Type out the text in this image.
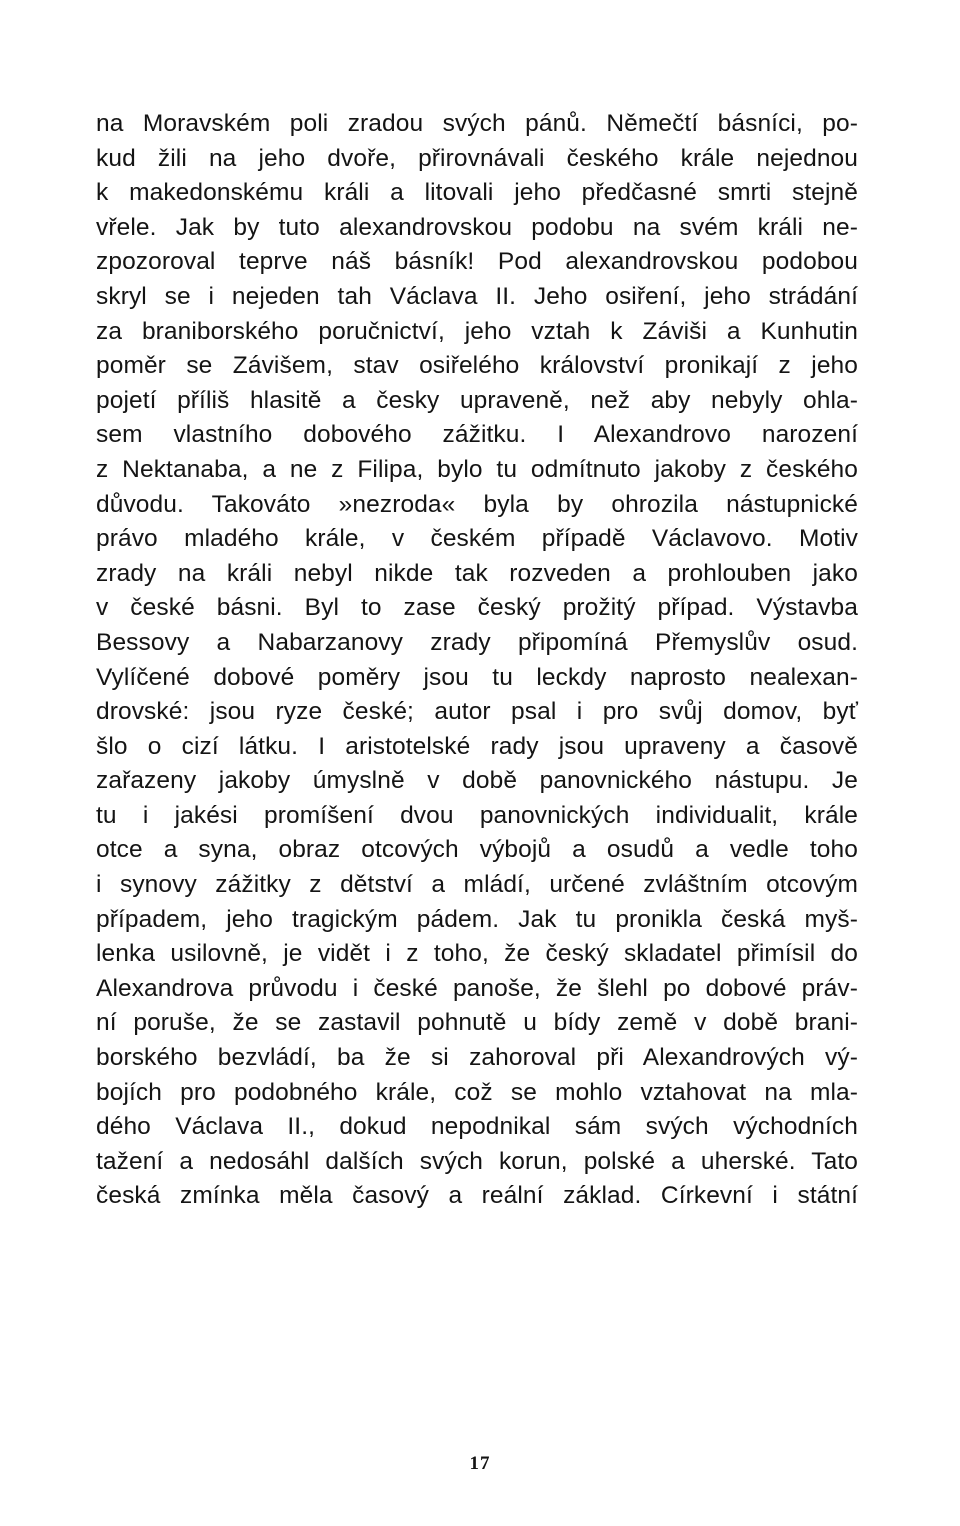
na Moravském poli zradou svých pánů. Němečtí básníci, po-
kud žili na jeho dvoře, přirovnávali českého krále nejednou
k makedonskému králi a litovali jeho předčasné smrti stejně
vřele. Jak by tuto alexandrovskou podobu na svém králi ne-
zpozoroval teprve náš básník! Pod alexandrovskou podobou
skryl se i nejeden tah Václava II. Jeho osiření, jeho strádání
za braniborského poručnictví, jeho vztah k Záviši a Kunhutin
poměr se Závišem, stav osiřelého království pronikají z jeho
pojetí příliš hlasitě a česky upraveně, než aby nebyly ohla-
sem vlastního dobového zážitku. I Alexandrovo narození
z Nektanaba, a ne z Filipa, bylo tu odmítnuto jakoby z českého
důvodu. Takováto »nezroda« byla by ohrozila nástupnické
právo mladého krále, v českém případě Václavovo. Motiv
zrady na králi nebyl nikde tak rozveden a prohlouben jako
v české básni. Byl to zase český prožitý případ. Výstavba
Bessovy a Nabarzanovy zrady připomíná Přemyslův osud.
Vylíčené dobové poměry jsou tu leckdy naprosto nealexan-
drovské: jsou ryze české; autor psal i pro svůj domov, byť
šlo o cizí látku. I aristotelské rady jsou upraveny a časově
zařazeny jakoby úmyslně v době panovnického nástupu. Je
tu i jakési promíšení dvou panovnických individualit, krále
otce a syna, obraz otcových výbojů a osudů a vedle toho
i synovy zážitky z dětství a mládí, určené zvláštním otcovým
případem, jeho tragickým pádem. Jak tu pronikla česká myš-
lenka usilovně, je vidět i z toho, že český skladatel přimísil do
Alexandrova průvodu i české panoše, že šlehl po dobové práv-
ní poruše, že se zastavil pohnutě u bídy země v době brani-
borského bezvládí, ba že si zahoroval při Alexandrových vý-
bojích pro podobného krále, což se mohlo vztahovat na mla-
dého Václava II., dokud nepodnikal sám svých východních
tažení a nedosáhl dalších svých korun, polské a uherské. Tato
česká zmínka měla časový a reální základ. Církevní i státní
17
